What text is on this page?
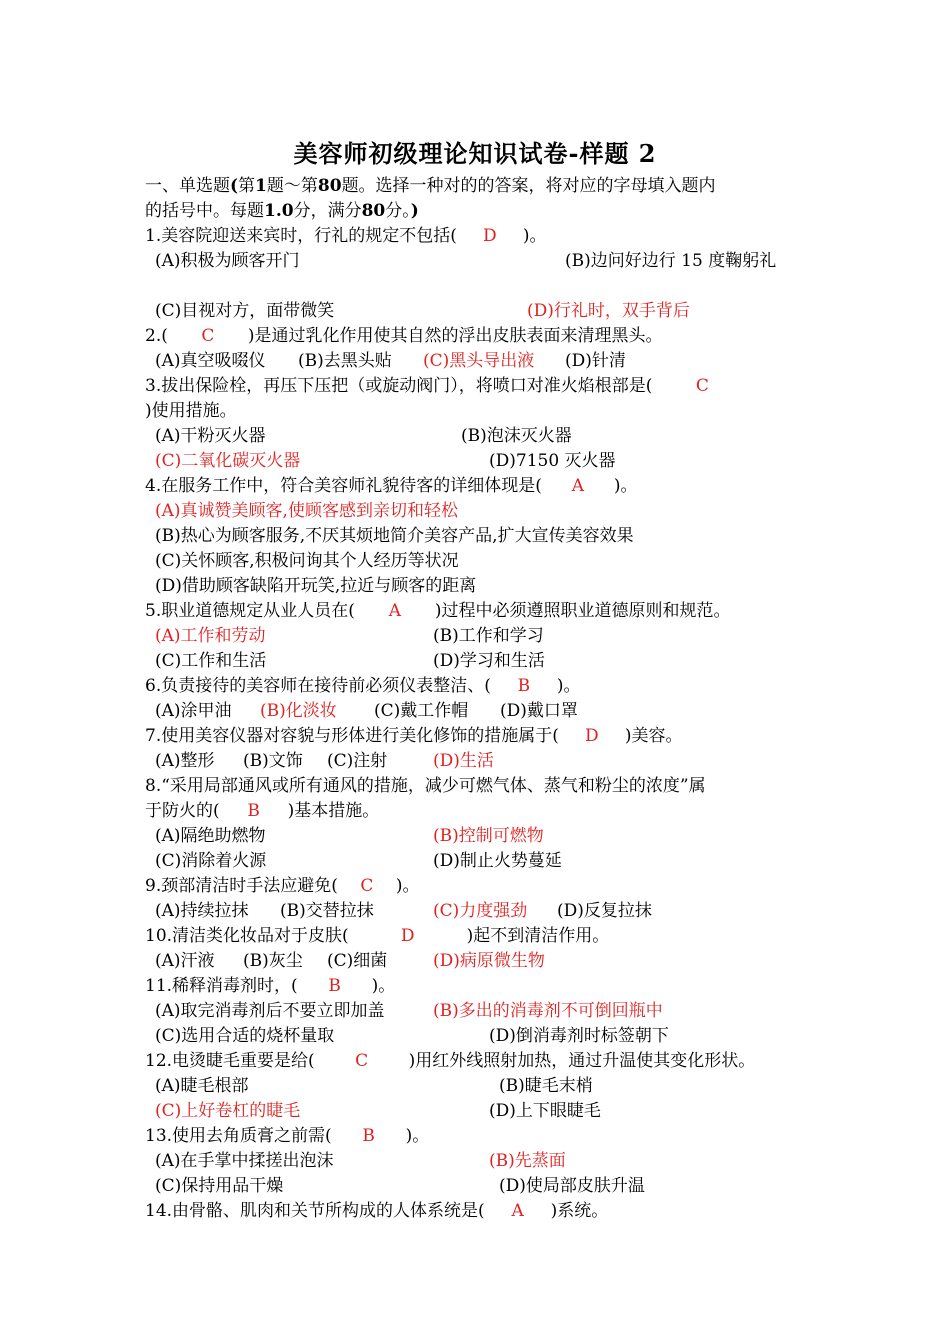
美容师初级理论知识试卷-样题 2
一、单选题(第1题～第80题。选择一种对的的答案，将对应的字母填入题内
的括号中。每题1.0分，满分80分。)
1.美容院迎送来宾时，行礼的规定不包括( D )。
(A)积极为顾客开门	(B)边问好边行 15 度鞠躬礼
(C)目视对方，面带微笑	(D)行礼时，双手背后
2.( C )是通过乳化作用使其自然的浮出皮肤表面来清理黑头。
(A)真空吸啜仪 (B)去黑头贴 (C)黑头导出液 (D)针清
3.拔出保险栓，再压下压把（或旋动阀门），将喷口对准火焰根部是(	C
)使用措施。
(A)干粉灭火器	(B)泡沫灭火器
(C)二氧化碳灭火器	(D)7150 灭火器
4.在服务工作中，符合美容师礼貌待客的详细体现是( A )。
(A)真诚赞美顾客,使顾客感到亲切和轻松
(B)热心为顾客服务,不厌其烦地简介美容产品,扩大宣传美容效果
(C)关怀顾客,积极问询其个人经历等状况
(D)借助顾客缺陷开玩笑,拉近与顾客的距离
5.职业道德规定从业人员在( A )过程中必须遵照职业道德原则和规范。
(A)工作和劳动	(B)工作和学习
(C)工作和生活	(D)学习和生活
6.负责接待的美容师在接待前必须仪表整洁、( B )。
(A)涂甲油 (B)化淡妆 (C)戴工作帽 (D)戴口罩
7.使用美容仪器对容貌与形体进行美化修饰的措施属于( D )美容。
(A)整形 (B)文饰 (C)注射	(D)生活
8.“采用局部通风或所有通风的措施，减少可燃气体、蒸气和粉尘的浓度”属
于防火的( B )基本措施。
(A)隔绝助燃物	(B)控制可燃物
(C)消除着火源	(D)制止火势蔓延
9.颈部清洁时手法应避免( C )。
(A)持续拉抹 (B)交替拉抹	(C)力度强劲 (D)反复拉抹
10.清洁类化妆品对于皮肤(	D	)起不到清洁作用。
(A)汗液 (B)灰尘 (C)细菌	(D)病原微生物
11.稀释消毒剂时，( B )。
(A)取完消毒剂后不要立即加盖	(B)多出的消毒剂不可倒回瓶中
(C)选用合适的烧杯量取	(D)倒消毒剂时标签朝下
12.电烫睫毛重要是给( C )用红外线照射加热，通过升温使其变化形状。
(A)睫毛根部	(B)睫毛末梢
(C)上好卷杠的睫毛	(D)上下眼睫毛
13.使用去角质膏之前需( B )。
(A)在手掌中揉搓出泡沫	(B)先蒸面
(C)保持用品干燥	(D)使局部皮肤升温
14.由骨骼、肌肉和关节所构成的人体系统是( A )系统。
